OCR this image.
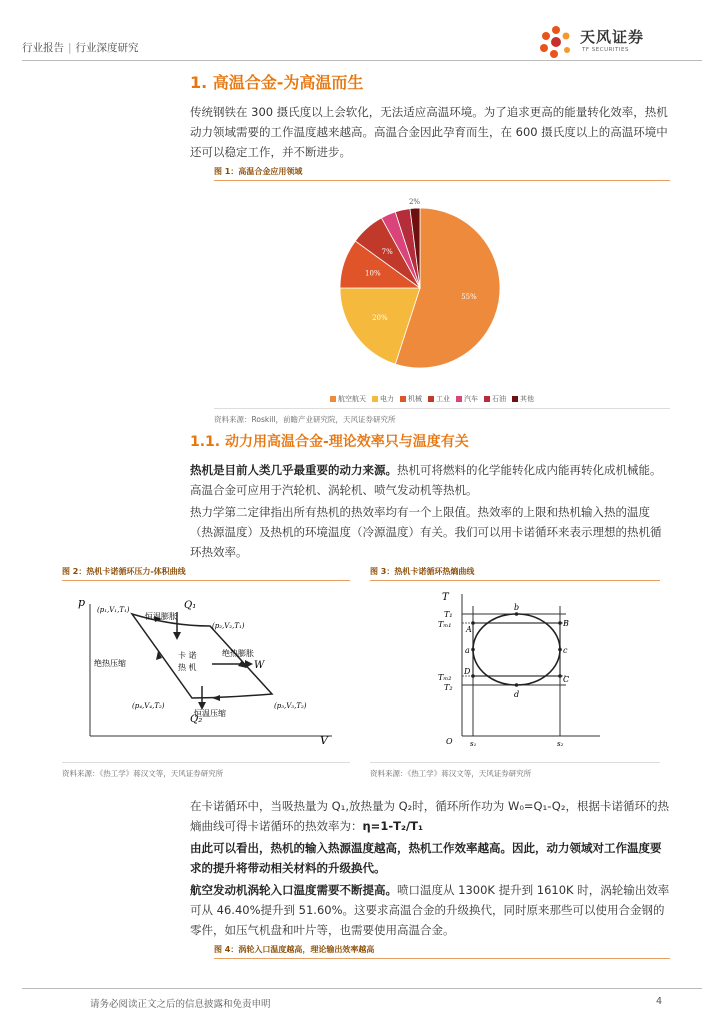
行业报告 | 行业深度研究
天风证券
TF SECURITIES
1. 高温合金-为高温而生
传统钢铁在 300 摄氏度以上会软化，无法适应高温环境。为了追求更高的能量转化效率，热机动力领域需要的工作温度越来越高。高温合金因此孕育而生，在 600 摄氏度以上的高温环境中还可以稳定工作，并不断进步。
图 1：高温合金应用领域
55%
20%
10%
7%
2%
航空航天 电力 机械 工业 汽车 石油 其他
资料来源：Roskill，前瞻产业研究院，天风证券研究所
1.1. 动力用高温合金-理论效率只与温度有关
热机是目前人类几乎最重要的动力来源。热机可将燃料的化学能转化成内能再转化成机械能。高温合金可应用于汽轮机、涡轮机、喷气发动机等热机。
热力学第二定律指出所有热机的热效率均有一个上限值。热效率的上限和热机输入热的温度（热源温度）及热机的环境温度（冷源温度）有关。我们可以用卡诺循环来表示理想的热机循环热效率。
图 2：热机卡诺循环压力-体积曲线
p
V
(p₁,V₁,T₁)
(p₂,V₂,T₁)
(p₃,V₃,T₂)
(p₄,V₄,T₂)
Q₁
Q₂
W
恒温膨胀
绝热膨胀
绝热压缩
恒温压缩
卡 诺
热 机
资料来源：《热工学》蒋汉文等，天风证券研究所
图 3：热机卡诺循环热熵曲线
T
O
T₁
Tₘ₁
Tₘ₂
T₂
A
b
B
c
C
d
D
a
s₁	s₂
资料来源：《热工学》蒋汉文等，天风证券研究所
在卡诺循环中，当吸热量为 Q₁,放热量为 Q₂时，循环所作功为 W₀=Q₁-Q₂，根据卡诺循环的热熵曲线可得卡诺循环的热效率为：η=1-T₂/T₁
由此可以看出，热机的输入热源温度越高，热机工作效率越高。因此，动力领域对工作温度要求的提升将带动相关材料的升级换代。
航空发动机涡轮入口温度需要不断提高。喷口温度从 1300K 提升到 1610K 时，涡轮输出效率可从 46.40%提升到 51.60%。这要求高温合金的升级换代，同时原来那些可以使用合金钢的零件，如压气机盘和叶片等，也需要使用高温合金。
图 4：涡轮入口温度越高，理论输出效率越高
请务必阅读正文之后的信息披露和免责申明	4
